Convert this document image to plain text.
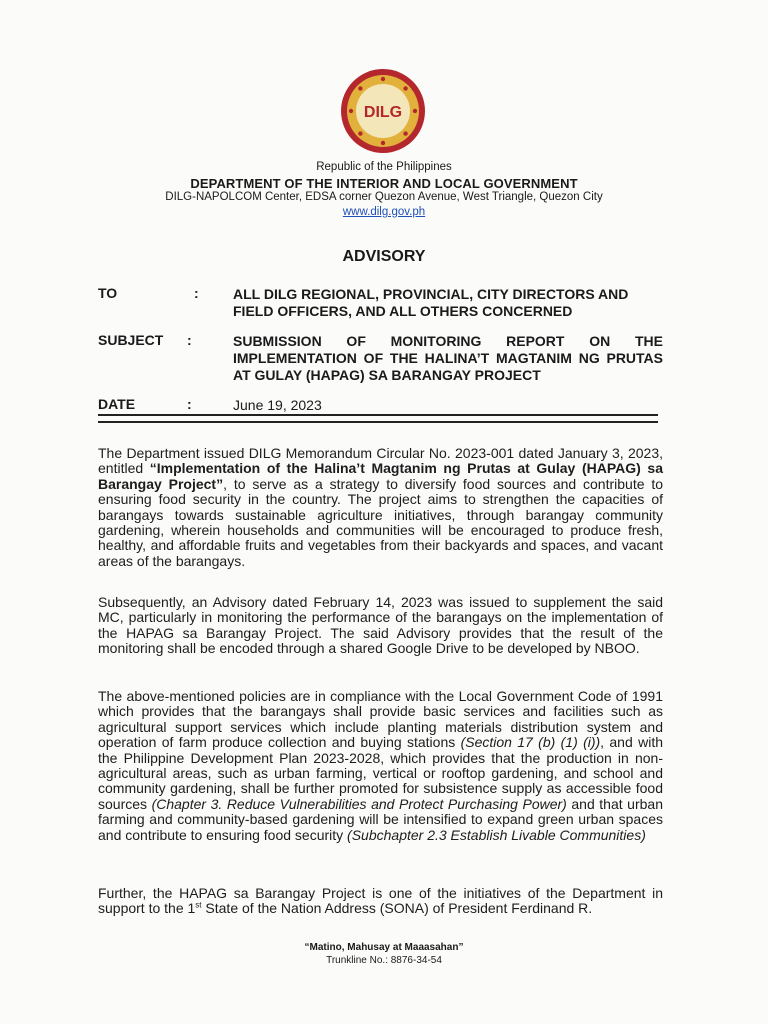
DILG
Republic of the Philippines
DEPARTMENT OF THE INTERIOR AND LOCAL GOVERNMENT
DILG-NAPOLCOM Center, EDSA corner Quezon Avenue, West Triangle, Quezon City
www.dilg.gov.ph
ADVISORY
TO	: ALL DILG REGIONAL, PROVINCIAL, CITY DIRECTORS AND FIELD OFFICERS, AND ALL OTHERS CONCERNED
SUBJECT :	SUBMISSION OF MONITORING REPORT ON THE IMPLEMENTATION OF THE HALINA’T MAGTANIM NG PRUTAS AT GULAY (HAPAG) SA BARANGAY PROJECT
DATE	:	June 19, 2023
The Department issued DILG Memorandum Circular No. 2023-001 dated January 3, 2023, entitled “Implementation of the Halina’t Magtanim ng Prutas at Gulay (HAPAG) sa Barangay Project”, to serve as a strategy to diversify food sources and contribute to ensuring food security in the country. The project aims to strengthen the capacities of barangays towards sustainable agriculture initiatives, through barangay community gardening, wherein households and communities will be encouraged to produce fresh, healthy, and affordable fruits and vegetables from their backyards and spaces, and vacant areas of the barangays.
Subsequently, an Advisory dated February 14, 2023 was issued to supplement the said MC, particularly in monitoring the performance of the barangays on the implementation of the HAPAG sa Barangay Project. The said Advisory provides that the result of the monitoring shall be encoded through a shared Google Drive to be developed by NBOO.
The above-mentioned policies are in compliance with the Local Government Code of 1991 which provides that the barangays shall provide basic services and facilities such as agricultural support services which include planting materials distribution system and operation of farm produce collection and buying stations (Section 17 (b) (1) (i)), and with the Philippine Development Plan 2023-2028, which provides that the production in non-agricultural areas, such as urban farming, vertical or rooftop gardening, and school and community gardening, shall be further promoted for subsistence supply as accessible food sources (Chapter 3. Reduce Vulnerabilities and Protect Purchasing Power) and that urban farming and community-based gardening will be intensified to expand green urban spaces and contribute to ensuring food security (Subchapter 2.3 Establish Livable Communities)
Further, the HAPAG sa Barangay Project is one of the initiatives of the Department in support to the 1st State of the Nation Address (SONA) of President Ferdinand R.
“Matino, Mahusay at Maaasahan”
Trunkline No.: 8876-34-54
